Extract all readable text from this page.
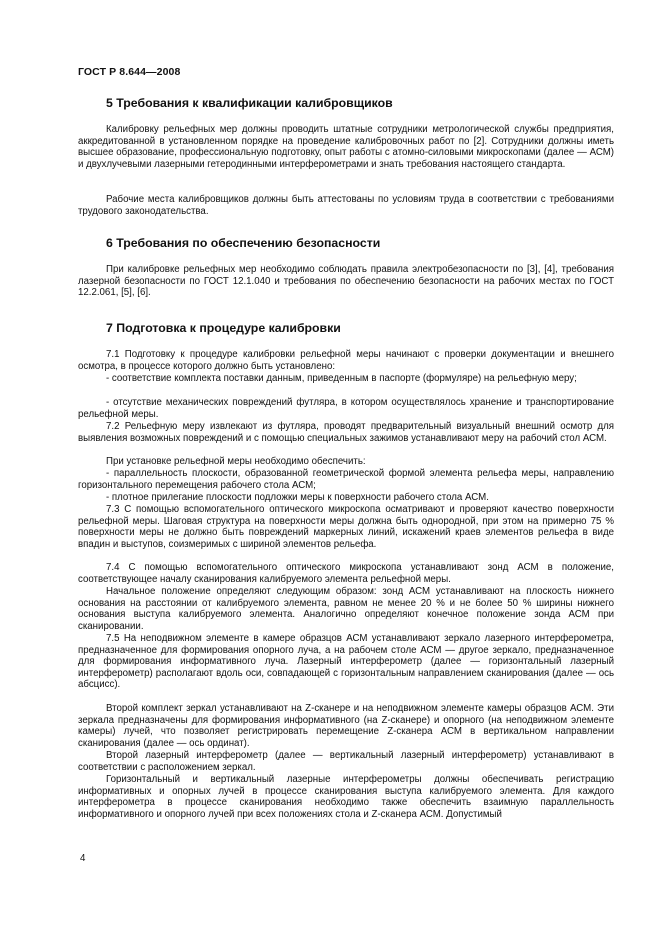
ГОСТ Р 8.644—2008
5 Требования к квалификации калибровщиков

Калибровку рельефных мер должны проводить штатные сотрудники метрологической службы предприятия, аккредитованной в установленном порядке на проведение калибровочных работ по [2]. Сотрудники должны иметь высшее образование, профессиональную подготовку, опыт работы с атомно-силовыми микроскопами (далее — АСМ) и двухлучевыми лазерными гетеродинными интерферометрами и знать требования настоящего стандарта.

Рабочие места калибровщиков должны быть аттестованы по условиям труда в соответствии с требованиями трудового законодательства.

6 Требования по обеспечению безопасности

При калибровке рельефных мер необходимо соблюдать правила электробезопасности по [3], [4], требования лазерной безопасности по ГОСТ 12.1.040 и требования по обеспечению безопасности на рабочих местах по ГОСТ 12.2.061, [5], [6].

7 Подготовка к процедуре калибровки

7.1 Подготовку к процедуре калибровки рельефной меры начинают с проверки документации и внешнего осмотра, в процессе которого должно быть установлено:

- соответствие комплекта поставки данным, приведенным в паспорте (формуляре) на рельефную меру;

- отсутствие механических повреждений футляра, в котором осуществлялось хранение и транспортирование рельефной меры.

7.2 Рельефную меру извлекают из футляра, проводят предварительный визуальный внешний осмотр для выявления возможных повреждений и с помощью специальных зажимов устанавливают меру на рабочий стол АСМ.

При установке рельефной меры необходимо обеспечить:

- параллельность плоскости, образованной геометрической формой элемента рельефа меры, направлению горизонтального перемещения рабочего стола АСМ;

- плотное прилегание плоскости подложки меры к поверхности рабочего стола АСМ.

7.3 С помощью вспомогательного оптического микроскопа осматривают и проверяют качество поверхности рельефной меры. Шаговая структура на поверхности меры должна быть однородной, при этом на примерно 75 % поверхности меры не должно быть повреждений маркерных линий, искажений краев элементов рельефа в виде впадин и выступов, соизмеримых с шириной элементов рельефа.

7.4 С помощью вспомогательного оптического микроскопа устанавливают зонд АСМ в положение, соответствующее началу сканирования калибруемого элемента рельефной меры.

Начальное положение определяют следующим образом: зонд АСМ устанавливают на плоскость нижнего основания на расстоянии от калибруемого элемента, равном не менее 20 % и не более 50 % ширины нижнего основания выступа калибруемого элемента. Аналогично определяют конечное положение зонда АСМ при сканировании.

7.5 На неподвижном элементе в камере образцов АСМ устанавливают зеркало лазерного интерферометра, предназначенное для формирования опорного луча, а на рабочем столе АСМ — другое зеркало, предназначенное для формирования информативного луча. Лазерный интерферометр (далее — горизонтальный лазерный интерферометр) располагают вдоль оси, совпадающей с горизонтальным направлением сканирования (далее — ось абсцисс).

Второй комплект зеркал устанавливают на Z-сканере и на неподвижном элементе камеры образцов АСМ. Эти зеркала предназначены для формирования информативного (на Z-сканере) и опорного (на неподвижном элементе камеры) лучей, что позволяет регистрировать перемещение Z-сканера АСМ в вертикальном направлении сканирования (далее — ось ординат).

Второй лазерный интерферометр (далее — вертикальный лазерный интерферометр) устанавливают в соответствии с расположением зеркал.

Горизонтальный и вертикальный лазерные интерферометры должны обеспечивать регистрацию информативных и опорных лучей в процессе сканирования выступа калибруемого элемента. Для каждого интерферометра в процессе сканирования необходимо также обеспечить взаимную параллельность информативного и опорного лучей при всех положениях стола и Z-сканера АСМ. Допустимый

4
